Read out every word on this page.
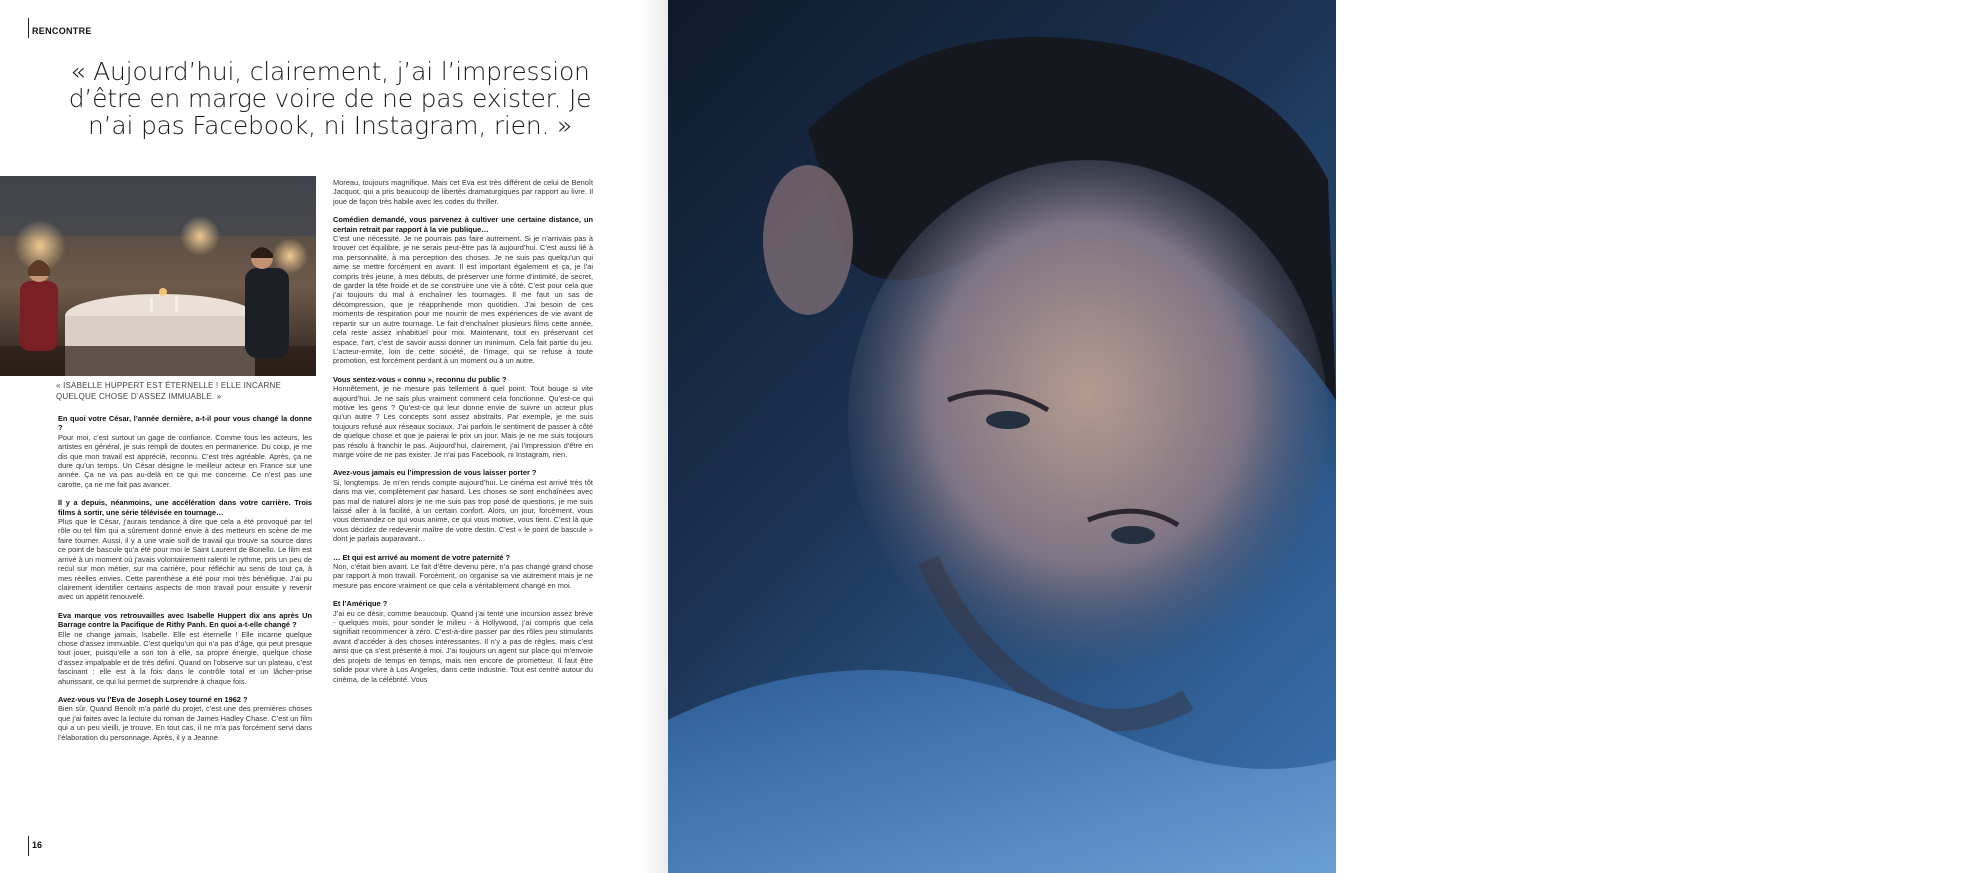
RENCONTRE
« Aujourd’hui, clairement, j’ai l’impression d’être en marge voire de ne pas exister. Je n’ai pas Facebook, ni Instagram, rien. »
« ISABELLE HUPPERT EST ÉTERNELLE ! ELLE INCARNE QUELQUE CHOSE D’ASSEZ IMMUABLE. »

En quoi votre César, l’année dernière, a-t-il pour vous changé la donne ?
Pour moi, c’est surtout un gage de confiance. Comme tous les acteurs, les artistes en général, je suis rempli de doutes en permanence. Du coup, je me dis que mon travail est apprécié, reconnu. C’est très agréable. Après, ça ne dure qu’un temps. Un César désigne le meilleur acteur en France sur une année. Ça ne va pas au-delà en ce qui me concerne. Ce n’est pas une carotte, ça ne me fait pas avancer.

Il y a depuis, néanmoins, une accélération dans votre carrière. Trois films à sortir, une série télévisée en tournage…
Plus que le César, j’aurais tendance à dire que cela a été provoqué par tel rôle ou tel film qui a sûrement donné envie à des metteurs en scène de me faire tourner. Aussi, il y a une vraie soif de travail qui trouve sa source dans ce point de bascule qu’a été pour moi le Saint Laurent de Bonello. Le film est arrivé à un moment où j’avais volontairement ralenti le rythme, pris un peu de recul sur mon métier, sur ma carrière, pour réfléchir au sens de tout ça, à mes réelles envies. Cette parenthèse a été pour moi très bénéfique. J’ai pu clairement identifier certains aspects de mon travail pour ensuite y revenir avec un appétit renouvelé.

Eva marque vos retrouvailles avec Isabelle Huppert dix ans après Un Barrage contre la Pacifique de Rithy Panh. En quoi a-t-elle changé ?
Elle ne change jamais, Isabelle. Elle est éternelle ! Elle incarne quelque chose d’assez immuable. C’est quelqu’un qui n’a pas d’âge, qui peut presque tout jouer, puisqu’elle a son ton à elle, sa propre énergie, quelque chose d’assez impalpable et de très défini. Quand on l’observe sur un plateau, c’est fascinant : elle est à la fois dans le contrôle total et un lâcher-prise ahurissant, ce qui lui permet de surprendre à chaque fois.

Avez-vous vu l’Eva de Joseph Losey tourné en 1962 ?
Bien sûr. Quand Benoît m’a parlé du projet, c’est une des premières choses que j’ai faites avec la lecture du roman de James Hadley Chase. C’est un film qui a un peu vieilli, je trouve. En tout cas, il ne m’a pas forcément servi dans l’élaboration du personnage. Après, il y a Jeanne

Moreau, toujours magnifique. Mais cet Eva est très différent de celui de Benoît Jacquot, qui a pris beaucoup de libertés dramaturgiques par rapport au livre. Il joue de façon très habile avec les codes du thriller.

Comédien demandé, vous parvenez à cultiver une certaine distance, un certain retrait par rapport à la vie publique…
C’est une nécessité. Je ne pourrais pas faire autrement. Si je n’arrivais pas à trouver cet équilibre, je ne serais peut-être pas là aujourd’hui. C’est aussi lié à ma personnalité, à ma perception des choses. Je ne suis pas quelqu’un qui aime se mettre forcément en avant. Il est important également et ça, je l’ai compris très jeune, à mes débuts, de préserver une forme d’intimité, de secret, de garder la tête froide et de se construire une vie à côté. C’est pour cela que j’ai toujours du mal à enchaîner les tournages. Il me faut un sas de décompression, que je réapprihende mon quotidien. J’ai besoin de ces moments de respiration pour me nourrir de mes expériences de vie avant de repartir sur un autre tournage. Le fait d’enchaîner plusieurs films cette année, cela reste assez inhabituel pour moi. Maintenant, tout en préservant cet espace, l’art, c’est de savoir aussi donner un minimum. Cela fait partie du jeu. L’acteur-ermite, loin de cette société, de l’image, qui se refuse à toute promotion, est forcément perdant à un moment ou à un autre.

Vous sentez-vous « connu », reconnu du public ?
Honnêtement, je ne mesure pas tellement à quel point. Tout bouge si vite aujourd’hui. Je ne sais plus vraiment comment cela fonctionne. Qu’est-ce qui motive les gens ? Qu’est-ce qui leur donne envie de suivre un acteur plus qu’un autre ? Les concepts sont assez abstraits. Par exemple, je me suis toujours refusé aux réseaux sociaux. J’ai parfois le sentiment de passer à côté de quelque chose et que je paierai le prix un jour. Mais je ne me suis toujours pas résolu à franchir le pas. Aujourd’hui, clairement, j’ai l’impression d’être en marge voire de ne pas exister. Je n’ai pas Facebook, ni Instagram, rien.

Avez-vous jamais eu l’impression de vous laisser porter ?
Si, longtemps. Je m’en rends compte aujourd’hui. Le cinéma est arrivé très tôt dans ma vie, complètement par hasard. Les choses se sont enchaînées avec pas mal de naturel alors je ne me suis pas trop posé de questions, je me suis laissé aller à la facilité, à un certain confort. Alors, un jour, forcément, vous vous demandez ce qui vous anime, ce qui vous motive, vous tient. C’est là que vous décidez de redevenir maître de votre destin. C’est « le point de bascule » dont je parlais auparavant…

… Et qui est arrivé au moment de votre paternité ?
Non, c’était bien avant. Le fait d’être devenu père, n’a pas changé grand chose par rapport à mon travail. Forcément, on organise sa vie autrement mais je ne mesure pas encore vraiment ce que cela a véritablement changé en moi.

Et l’Amérique ?
J’ai eu ce désir, comme beaucoup. Quand j’ai tenté une incursion assez brève - quelques mois, pour sonder le milieu - à Hollywood, j’ai compris que cela signifiait recommencer à zéro. C’est-à-dire passer par des rôles peu stimulants avant d’accéder à des choses intéressantes. Il n’y a pas de règles, mais c’est ainsi que ça s’est présenté à moi. J’ai toujours un agent sur place qui m’envoie des projets de temps en temps, mais rien encore de prometteur. Il faut être solide pour vivre à Los Angeles, dans cette industrie. Tout est centré autour du cinéma, de la célébrité. Vous

16
APRÈS AVOIR OBTENU UN CÉSAR L’ANNÉE DERNIÈRE POUR JUSTE LA FIN DU MONDE DE XAVIER DOLAN, GASPARD ULLIEL ENCHAÎNE AUJOURD’HUI LES TOURNAGES : EVA DE BENOÎT JACQUOT, LE MYSTÉRIEUX 9 DOIGTS DE F.J. OSSANG, UN PEUPLE ET SON ROI DE PIERRE SCHOELLER ET, À LA TÉLÉVISION, IL ÉTAIT UNE SECONDE FOIS DE GUILLAUME NICLOUX POUR ARTE…
17
